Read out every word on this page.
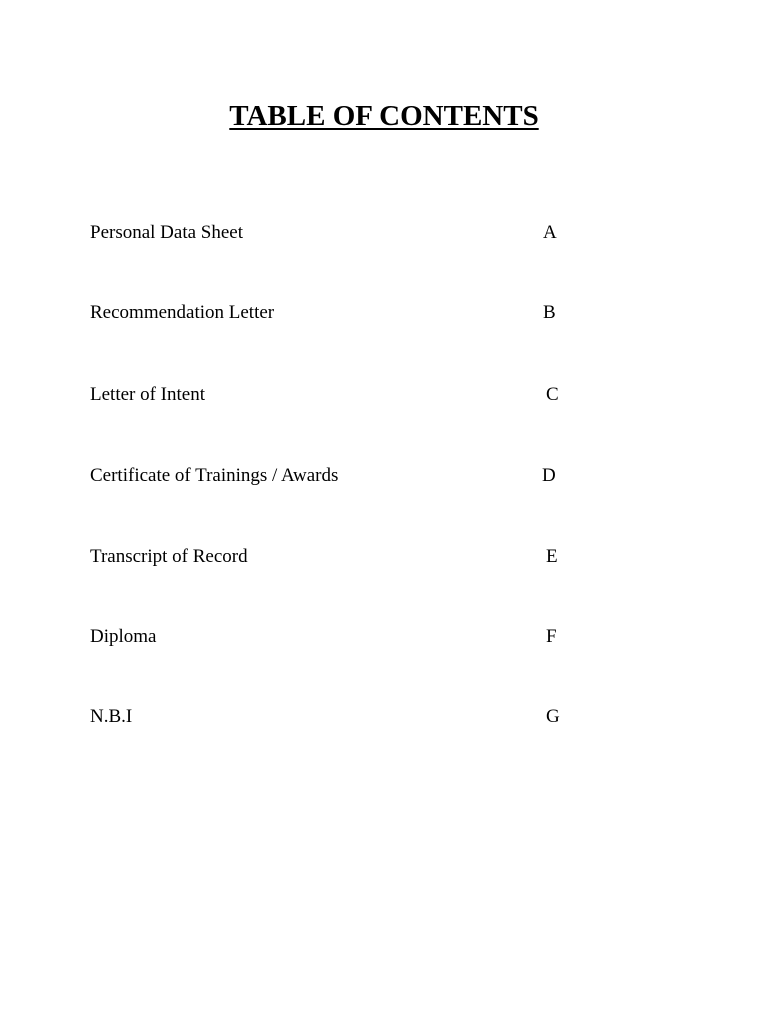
TABLE OF CONTENTS
Personal Data Sheet	A
Recommendation Letter	B
Letter of Intent	C
Certificate of Trainings / Awards	D
Transcript of Record	E
Diploma	F
N.B.I	G
